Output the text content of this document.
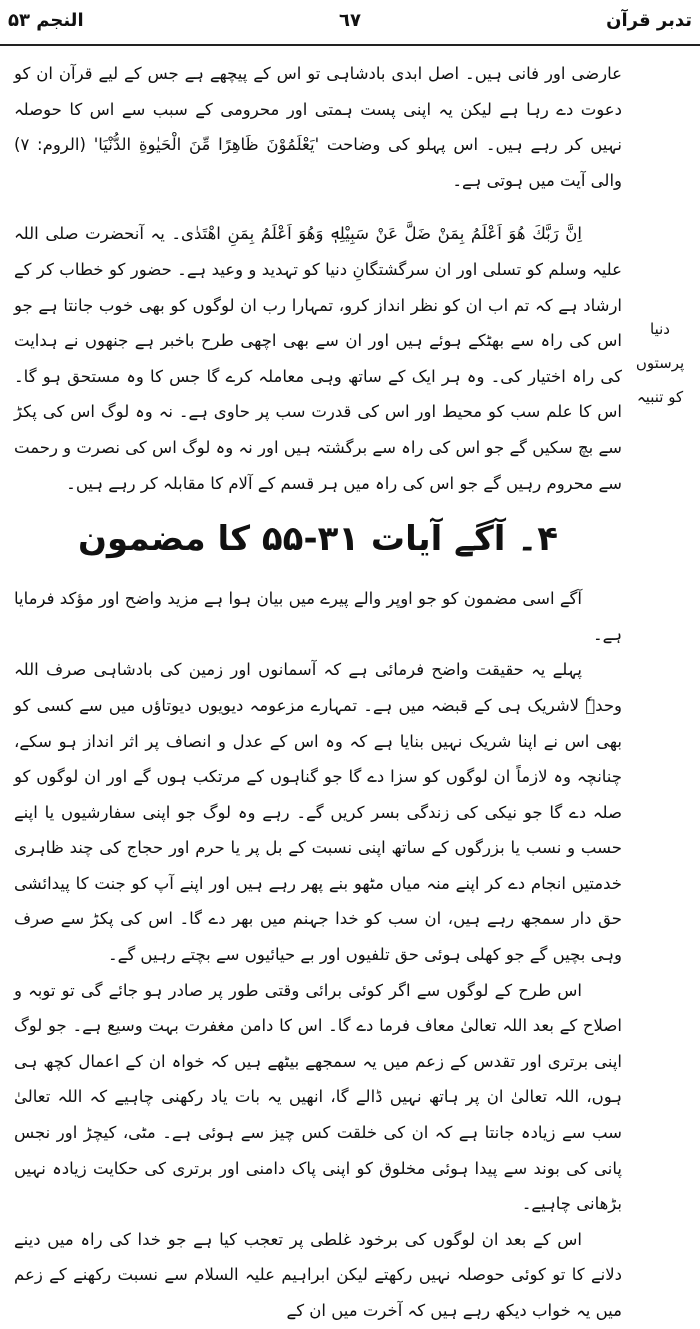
تدبر قرآن
٦٧
النجم ۵۳
دنیا پرستوں
کو تنبیہ

عارضی اور فانی ہیں۔ اصل ابدی بادشاہی تو اس کے پیچھے ہے جس کے لیے قرآن ان کو دعوت دے رہا ہے لیکن یہ اپنی پست ہمتی اور محرومی کے سبب سے اس کا حوصلہ نہیں کر رہے ہیں۔ اس پہلو کی وضاحت 'یَعْلَمُوْنَ ظَاهِرًا مِّنَ الْحَيٰوةِ الدُّنْيَا' (الروم: ۷) والی آیت میں ہوتی ہے۔

اِنَّ رَبَّكَ هُوَ اَعْلَمُ بِمَنْ ضَلَّ عَنْ سَبِيْلِهٖ وَهُوَ اَعْلَمُ بِمَنِ اهْتَدٰى۔ یہ آنحضرت صلی اللہ علیہ وسلم کو تسلی اور ان سرگشتگانِ دنیا کو تہدید و وعید ہے۔ حضور کو خطاب کر کے ارشاد ہے کہ تم اب ان کو نظر انداز کرو، تمہارا رب ان لوگوں کو بھی خوب جانتا ہے جو اس کی راہ سے بھٹکے ہوئے ہیں اور ان سے بھی اچھی طرح باخبر ہے جنھوں نے ہدایت کی راہ اختیار کی۔ وہ ہر ایک کے ساتھ وہی معاملہ کرے گا جس کا وہ مستحق ہو گا۔ اس کا علم سب کو محیط اور اس کی قدرت سب پر حاوی ہے۔ نہ وہ لوگ اس کی پکڑ سے بچ سکیں گے جو اس کی راہ سے برگشتہ ہیں اور نہ وہ لوگ اس کی نصرت و رحمت سے محروم رہیں گے جو اس کی راہ میں ہر قسم کے آلام کا مقابلہ کر رہے ہیں۔

۴۔ آگے آیات ۳۱-۵۵ کا مضمون

آگے اسی مضمون کو جو اوپر والے پیرے میں بیان ہوا ہے مزید واضح اور مؤکد فرمایا ہے۔

پہلے یہ حقیقت واضح فرمائی ہے کہ آسمانوں اور زمین کی بادشاہی صرف اللہ وحدہٗ لاشریک ہی کے قبضہ میں ہے۔ تمہارے مزعومہ دیویوں دیوتاؤں میں سے کسی کو بھی اس نے اپنا شریک نہیں بنایا ہے کہ وہ اس کے عدل و انصاف پر اثر انداز ہو سکے، چنانچہ وہ لازماً ان لوگوں کو سزا دے گا جو گناہوں کے مرتکب ہوں گے اور ان لوگوں کو صلہ دے گا جو نیکی کی زندگی بسر کریں گے۔ رہے وہ لوگ جو اپنی سفارشیوں یا اپنے حسب و نسب یا بزرگوں کے ساتھ اپنی نسبت کے بل پر یا حرم اور حجاج کی چند ظاہری خدمتیں انجام دے کر اپنے منہ میاں مٹھو بنے پھر رہے ہیں اور اپنے آپ کو جنت کا پیدائشی حق دار سمجھ رہے ہیں، ان سب کو خدا جہنم میں بھر دے گا۔ اس کی پکڑ سے صرف وہی بچیں گے جو کھلی ہوئی حق تلفیوں اور بے حیائیوں سے بچتے رہیں گے۔

اس طرح کے لوگوں سے اگر کوئی برائی وقتی طور پر صادر ہو جائے گی تو توبہ و اصلاح کے بعد اللہ تعالیٰ معاف فرما دے گا۔ اس کا دامن مغفرت بہت وسیع ہے۔ جو لوگ اپنی برتری اور تقدس کے زعم میں یہ سمجھے بیٹھے ہیں کہ خواہ ان کے اعمال کچھ ہی ہوں، اللہ تعالیٰ ان پر ہاتھ نہیں ڈالے گا، انھیں یہ بات یاد رکھنی چاہیے کہ اللہ تعالیٰ سب سے زیادہ جانتا ہے کہ ان کی خلقت کس چیز سے ہوئی ہے۔ مٹی، کیچڑ اور نجس پانی کی بوند سے پیدا ہوئی مخلوق کو اپنی پاک دامنی اور برتری کی حکایت زیادہ نہیں بڑھانی چاہیے۔

اس کے بعد ان لوگوں کی برخود غلطی پر تعجب کیا ہے جو خدا کی راہ میں دینے دلانے کا تو کوئی حوصلہ نہیں رکھتے لیکن ابراہیم علیہ السلام سے نسبت رکھنے کے زعم میں یہ خواب دیکھ رہے ہیں کہ آخرت میں ان کے
